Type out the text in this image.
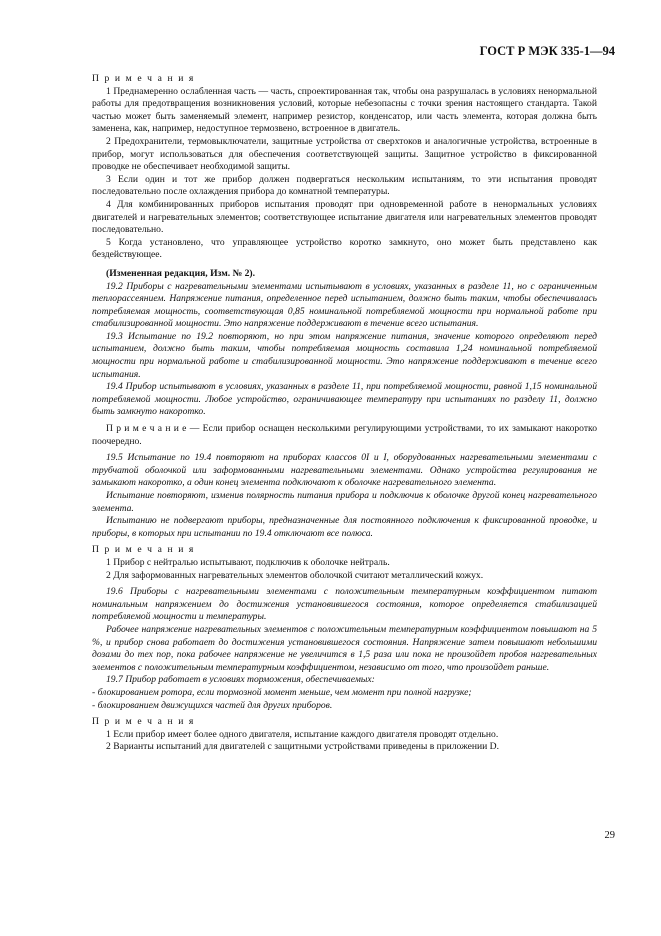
ГОСТ Р МЭК 335-1—94

П р и м е ч а н и я

1 Преднамеренно ослабленная часть — часть, спроектированная так, чтобы она разрушалась в условиях ненормальной работы для предотвращения возникновения условий, которые небезопасны с точки зрения настоящего стандарта. Такой частью может быть заменяемый элемент, например резистор, конденсатор, или часть элемента, которая должна быть заменена, как, например, недоступное термозвено, встроенное в двигатель.

2 Предохранители, термовыключатели, защитные устройства от сверхтоков и аналогичные устройства, встроенные в прибор, могут использоваться для обеспечения соответствующей защиты. Защитное устройство в фиксированной проводке не обеспечивает необходимой защиты.

3 Если один и тот же прибор должен подвергаться нескольким испытаниям, то эти испытания проводят последовательно после охлаждения прибора до комнатной температуры.

4 Для комбинированных приборов испытания проводят при одновременной работе в ненормальных условиях двигателей и нагревательных элементов; соответствующее испытание двигателя или нагревательных элементов проводят последовательно.

5 Когда установлено, что управляющее устройство коротко замкнуто, оно может быть представлено как бездействующее.

(Измененная редакция, Изм. № 2).

19.2 Приборы с нагревательными элементами испытывают в условиях, указанных в разделе 11, но с ограниченным теплорассеянием. Напряжение питания, определенное перед испытанием, должно быть таким, чтобы обеспечивалась потребляемая мощность, соответствующая 0,85 номинальной потребляемой мощности при нормальной работе при стабилизированной мощности. Это напряжение поддерживают в течение всего испытания.

19.3 Испытание по 19.2 повторяют, но при этом напряжение питания, значение которого определяют перед испытанием, должно быть таким, чтобы потребляемая мощность составила 1,24 номинальной потребляемой мощности при нормальной работе и стабилизированной мощности. Это напряжение поддерживают в течение всего испытания.

19.4 Прибор испытывают в условиях, указанных в разделе 11, при потребляемой мощности, равной 1,15 номинальной потребляемой мощности. Любое устройство, ограничивающее температуру при испытаниях по разделу 11, должно быть замкнуто накоротко.

П р и м е ч а н и е — Если прибор оснащен несколькими регулирующими устройствами, то их замыкают накоротко поочередно.

19.5 Испытание по 19.4 повторяют на приборах классов 0I и I, оборудованных нагревательными элементами с трубчатой оболочкой или заформованными нагревательными элементами. Однако устройства регулирования не замыкают накоротко, а один конец элемента подключают к оболочке нагревательного элемента.

Испытание повторяют, изменив полярность питания прибора и подключив к оболочке другой конец нагревательного элемента.

Испытанию не подвергают приборы, предназначенные для постоянного подключения к фиксированной проводке, и приборы, в которых при испытании по 19.4 отключают все полюса.

П р и м е ч а н и я

1 Прибор с нейтралью испытывают, подключив к оболочке нейтраль.

2 Для заформованных нагревательных элементов оболочкой считают металлический кожух.

19.6 Приборы с нагревательными элементами с положительным температурным коэффициентом питают номинальным напряжением до достижения установившегося состояния, которое определяется стабилизацией потребляемой мощности и температуры.

Рабочее напряжение нагревательных элементов с положительным температурным коэффициентом повышают на 5 %, и прибор снова работает до достижения установившегося состояния. Напряжение затем повышают небольшими дозами до тех пор, пока рабочее напряжение не увеличится в 1,5 раза или пока не произойдет пробоя нагревательных элементов с положительным температурным коэффициентом, независимо от того, что произойдет раньше.

19.7 Прибор работает в условиях торможения, обеспечиваемых:

- блокированием ротора, если тормозной момент меньше, чем момент при полной нагрузке;

- блокированием движущихся частей для других приборов.

П р и м е ч а н и я

1 Если прибор имеет более одного двигателя, испытание каждого двигателя проводят отдельно.

2 Варианты испытаний для двигателей с защитными устройствами приведены в приложении D.

29
